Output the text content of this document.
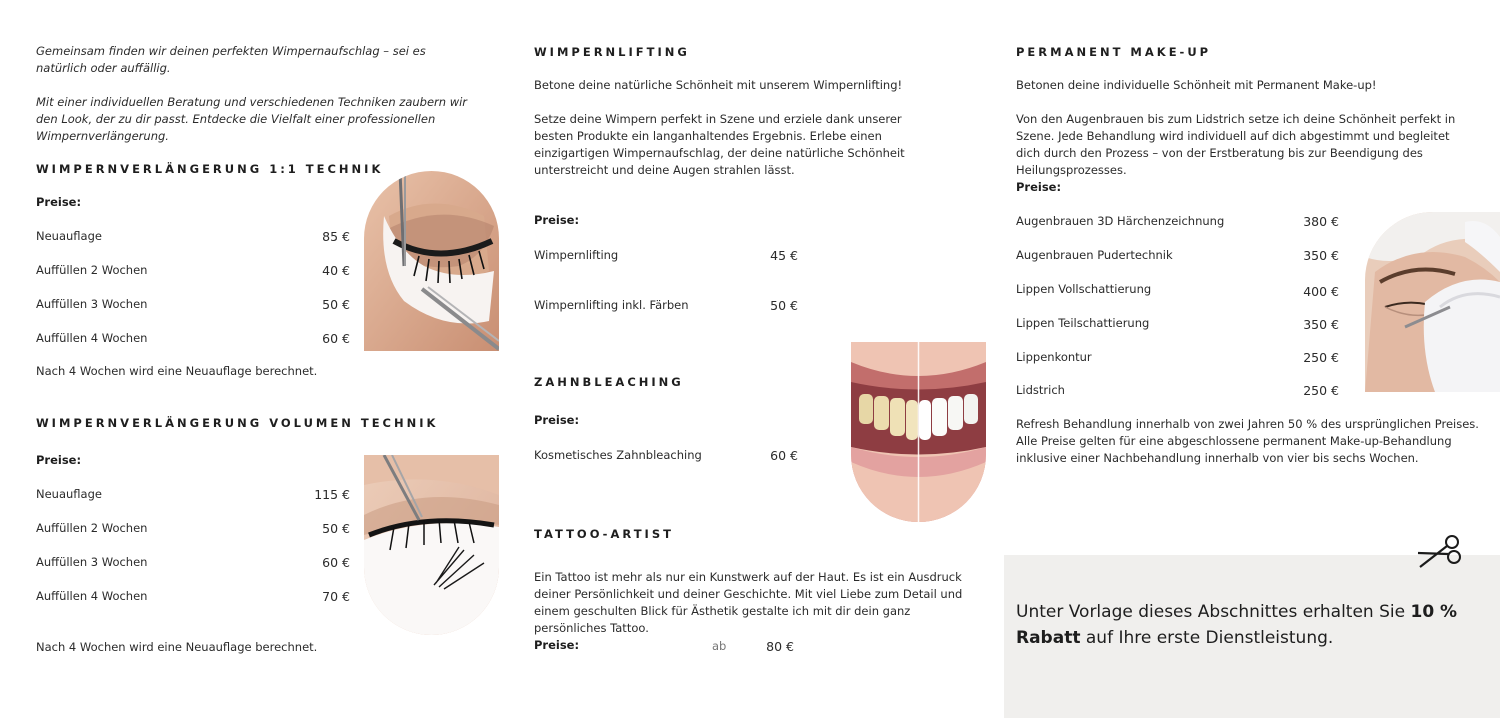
Gemeinsam finden wir deinen perfekten Wimpernaufschlag – sei es natürlich oder auffällig.
Mit einer individuellen Beratung und verschiedenen Techniken zaubern wir den Look, der zu dir passt. Entdecke die Vielfalt einer professionellen Wimpernverlängerung.
WIMPERNVERLÄNGERUNG 1:1 TECHNIK
Preise:
Neuauflage	85 €
Auffüllen 2 Wochen	40 €
Auffüllen 3 Wochen	50 €
Auffüllen 4 Wochen	60 €
Nach 4 Wochen wird eine Neuauflage berechnet.
WIMPERNVERLÄNGERUNG VOLUMEN TECHNIK
Preise:
Neuauflage	115 €
Auffüllen 2 Wochen	50 €
Auffüllen 3 Wochen	60 €
Auffüllen 4 Wochen	70 €
Nach 4 Wochen wird eine Neuauflage berechnet.
WIMPERNLIFTING
Betone deine natürliche Schönheit mit unserem Wimpernlifting!
Setze deine Wimpern perfekt in Szene und erziele dank unserer besten Produkte ein langanhaltendes Ergebnis. Erlebe einen einzigartigen Wimpernaufschlag, der deine natürliche Schönheit unterstreicht und deine Augen strahlen lässt.
Preise:
Wimpernlifting	45 €
Wimpernlifting inkl. Färben	50 €
ZAHNBLEACHING
Preise:
Kosmetisches Zahnbleaching	60 €
TATTOO-ARTIST
Ein Tattoo ist mehr als nur ein Kunstwerk auf der Haut. Es ist ein Ausdruck deiner Persönlichkeit und deiner Geschichte. Mit viel Liebe zum Detail und einem geschulten Blick für Ästhetik gestalte ich mit dir dein ganz persönliches Tattoo.
Preise:	ab	80 €
PERMANENT MAKE-UP
Betonen deine individuelle Schönheit mit Permanent Make-up!
Von den Augenbrauen bis zum Lidstrich setze ich deine Schönheit perfekt in Szene. Jede Behandlung wird individuell auf dich abgestimmt und begleitet dich durch den Prozess – von der Erstberatung bis zur Beendigung des Heilungsprozesses.
Preise:
Augenbrauen 3D Härchenzeichnung	380 €
Augenbrauen Pudertechnik	350 €
Lippen Vollschattierung	400 €
Lippen Teilschattierung	350 €
Lippenkontur	250 €
Lidstrich	250 €
Refresh Behandlung innerhalb von zwei Jahren 50 % des ursprünglichen Preises.
Alle Preise gelten für eine abgeschlossene permanent Make-up-Behandlung inklusive einer Nachbehandlung innerhalb von vier bis sechs Wochen.
Unter Vorlage dieses Abschnittes erhalten Sie 10 % Rabatt auf Ihre erste Dienstleistung.
